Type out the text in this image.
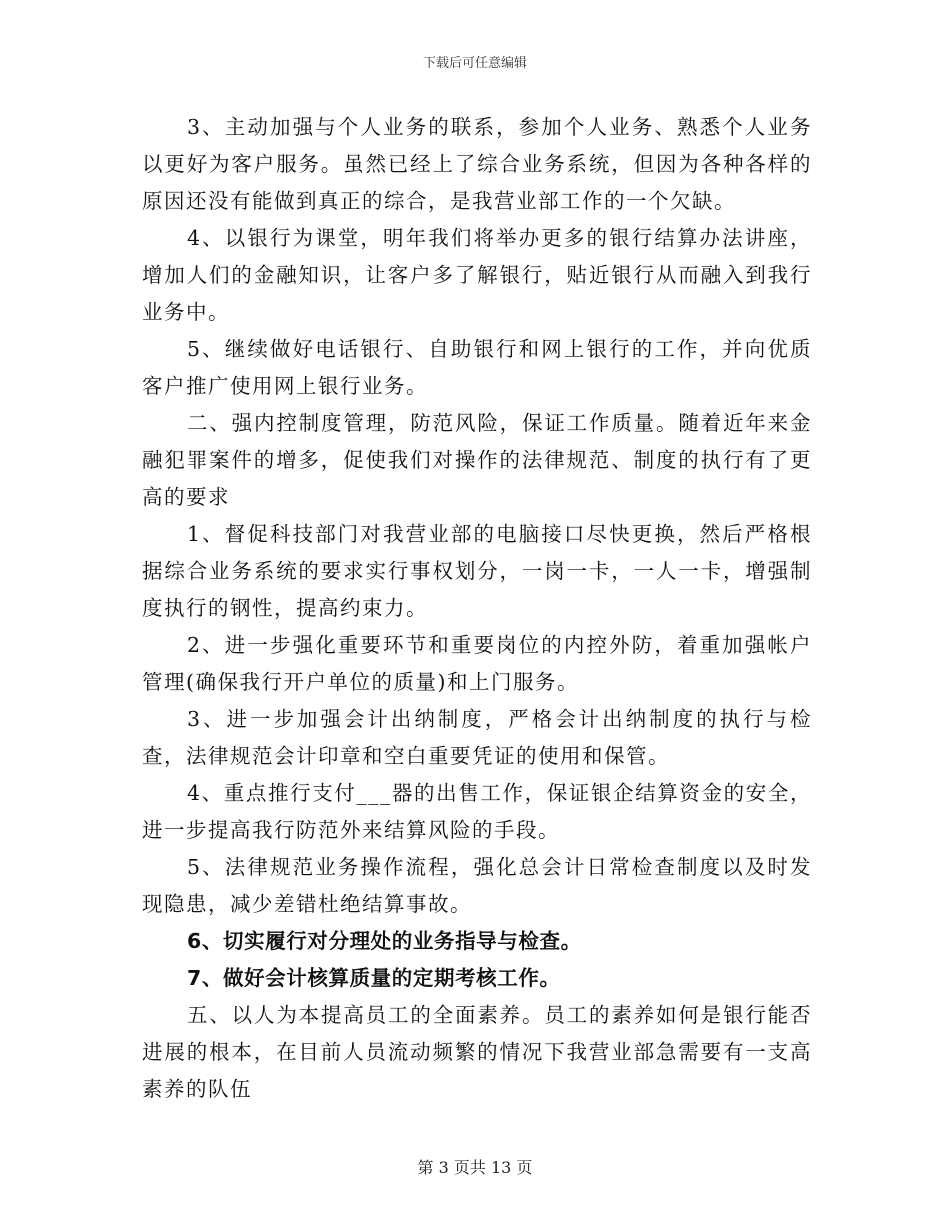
下载后可任意编辑

3、主动加强与个人业务的联系，参加个人业务、熟悉个人业务以更好为客户服务。虽然已经上了综合业务系统，但因为各种各样的原因还没有能做到真正的综合，是我营业部工作的一个欠缺。

4、以银行为课堂，明年我们将举办更多的银行结算办法讲座，增加人们的金融知识，让客户多了解银行，贴近银行从而融入到我行业务中。

5、继续做好电话银行、自助银行和网上银行的工作，并向优质客户推广使用网上银行业务。

二、强内控制度管理，防范风险，保证工作质量。随着近年来金融犯罪案件的增多，促使我们对操作的法律规范、制度的执行有了更高的要求

1、督促科技部门对我营业部的电脑接口尽快更换，然后严格根据综合业务系统的要求实行事权划分，一岗一卡，一人一卡，增强制度执行的钢性，提高约束力。

2、进一步强化重要环节和重要岗位的内控外防，着重加强帐户管理(确保我行开户单位的质量)和上门服务。

3、进一步加强会计出纳制度，严格会计出纳制度的执行与检查，法律规范会计印章和空白重要凭证的使用和保管。

4、重点推行支付___器的出售工作，保证银企结算资金的安全，进一步提高我行防范外来结算风险的手段。

5、法律规范业务操作流程，强化总会计日常检查制度以及时发现隐患，减少差错杜绝结算事故。

6、切实履行对分理处的业务指导与检查。

7、做好会计核算质量的定期考核工作。

五、以人为本提高员工的全面素养。员工的素养如何是银行能否进展的根本，在目前人员流动频繁的情况下我营业部急需要有一支高素养的队伍

第 3 页共 13 页
